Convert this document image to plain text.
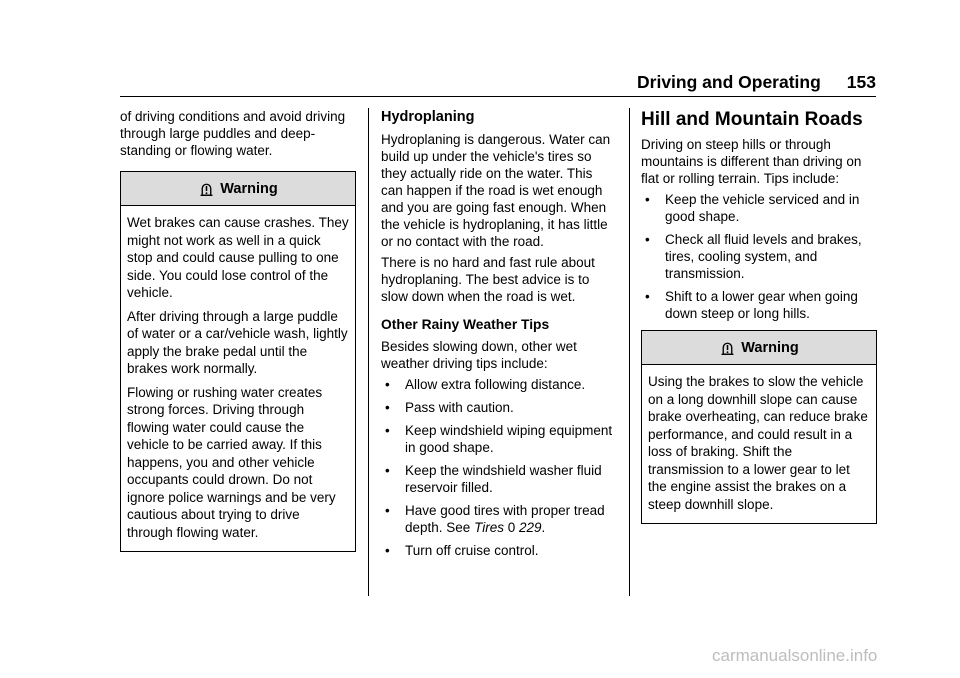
Driving and Operating 153

of driving conditions and avoid driving through large puddles and deep-standing or flowing water.

Warning

Wet brakes can cause crashes. They might not work as well in a quick stop and could cause pulling to one side. You could lose control of the vehicle.

After driving through a large puddle of water or a car/vehicle wash, lightly apply the brake pedal until the brakes work normally.

Flowing or rushing water creates strong forces. Driving through flowing water could cause the vehicle to be carried away. If this happens, you and other vehicle occupants could drown. Do not ignore police warnings and be very cautious about trying to drive through flowing water.

Hydroplaning

Hydroplaning is dangerous. Water can build up under the vehicle's tires so they actually ride on the water. This can happen if the road is wet enough and you are going fast enough. When the vehicle is hydroplaning, it has little or no contact with the road.

There is no hard and fast rule about hydroplaning. The best advice is to slow down when the road is wet.

Other Rainy Weather Tips

Besides slowing down, other wet weather driving tips include:

• Allow extra following distance.
• Pass with caution.
• Keep windshield wiping equipment in good shape.
• Keep the windshield washer fluid reservoir filled.
• Have good tires with proper tread depth. See Tires 0 229.
• Turn off cruise control.
Hill and Mountain Roads

Driving on steep hills or through mountains is different than driving on flat or rolling terrain. Tips include:

• Keep the vehicle serviced and in good shape.
• Check all fluid levels and brakes, tires, cooling system, and transmission.
• Shift to a lower gear when going down steep or long hills.
Warning

Using the brakes to slow the vehicle on a long downhill slope can cause brake overheating, can reduce brake performance, and could result in a loss of braking. Shift the transmission to a lower gear to let the engine assist the brakes on a steep downhill slope.

carmanualsonline.info
